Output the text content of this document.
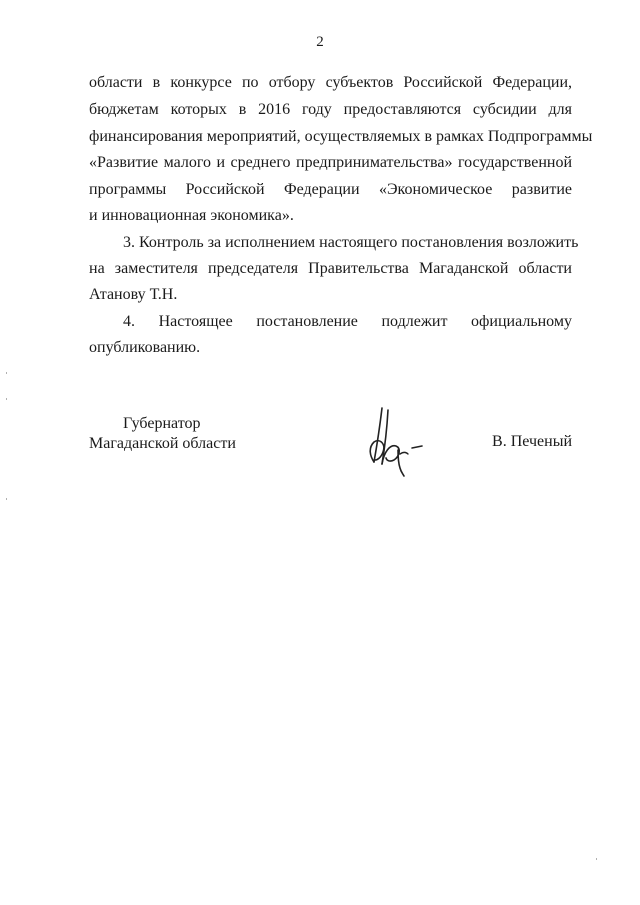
2
области в конкурсе по отбору субъектов Российской Федерации,
бюджетам которых в 2016 году предоставляются субсидии для
финансирования мероприятий, осуществляемых в рамках Подпрограммы
«Развитие малого и среднего предпринимательства» государственной
программы Российской Федерации «Экономическое развитие
и инновационная экономика».
3. Контроль за исполнением настоящего постановления возложить
на заместителя председателя Правительства Магаданской области
Атанову Т.Н.
4. Настоящее постановление подлежит официальному
опубликованию.
Губернатор
Магаданской области	В. Печеный
